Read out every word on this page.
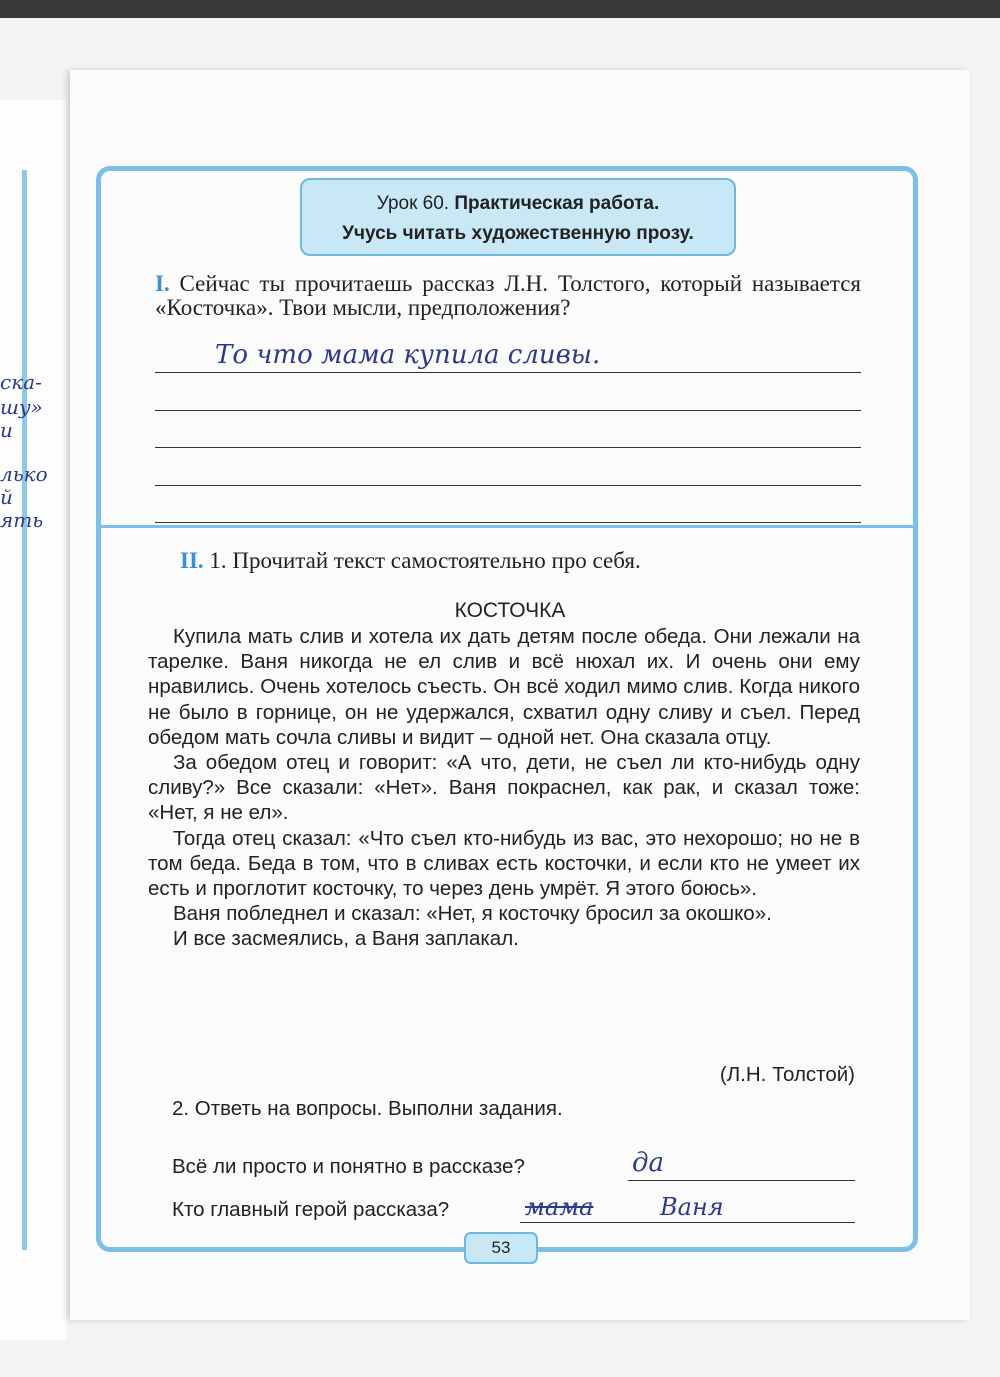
ска-
шу»
и
лько
й
ять
Урок 60. Практическая работа.
Учусь читать художественную прозу.
I. Сейчас ты прочитаешь рассказ Л.Н. Толстого, который называется «Косточка». Твои мысли, предположения?
То что мама купила сливы.
II. 1. Прочитай текст самостоятельно про себя.
КОСТОЧКА

Купила мать слив и хотела их дать детям после обеда. Они лежали на тарелке. Ваня никогда не ел слив и всё нюхал их. И очень они ему нравились. Очень хотелось съесть. Он всё ходил мимо слив. Когда никого не было в горнице, он не удержался, схватил одну сливу и съел. Перед обедом мать сочла сливы и видит – одной нет. Она сказала отцу.

За обедом отец и говорит: «А что, дети, не съел ли кто-нибудь одну сливу?» Все сказали: «Нет». Ваня покраснел, как рак, и сказал тоже: «Нет, я не ел».

Тогда отец сказал: «Что съел кто-нибудь из вас, это нехорошо; но не в том беда. Беда в том, что в сливах есть косточки, и если кто не умеет их есть и проглотит косточку, то через день умрёт. Я этого боюсь».

Ваня побледнел и сказал: «Нет, я косточку бросил за окошко».

И все засмеялись, а Ваня заплакал.

(Л.Н. Толстой)
2. Ответь на вопросы. Выполни задания.
Всё ли просто и понятно в рассказе?	да
Кто главный герой рассказа?	мама	Ваня
53
